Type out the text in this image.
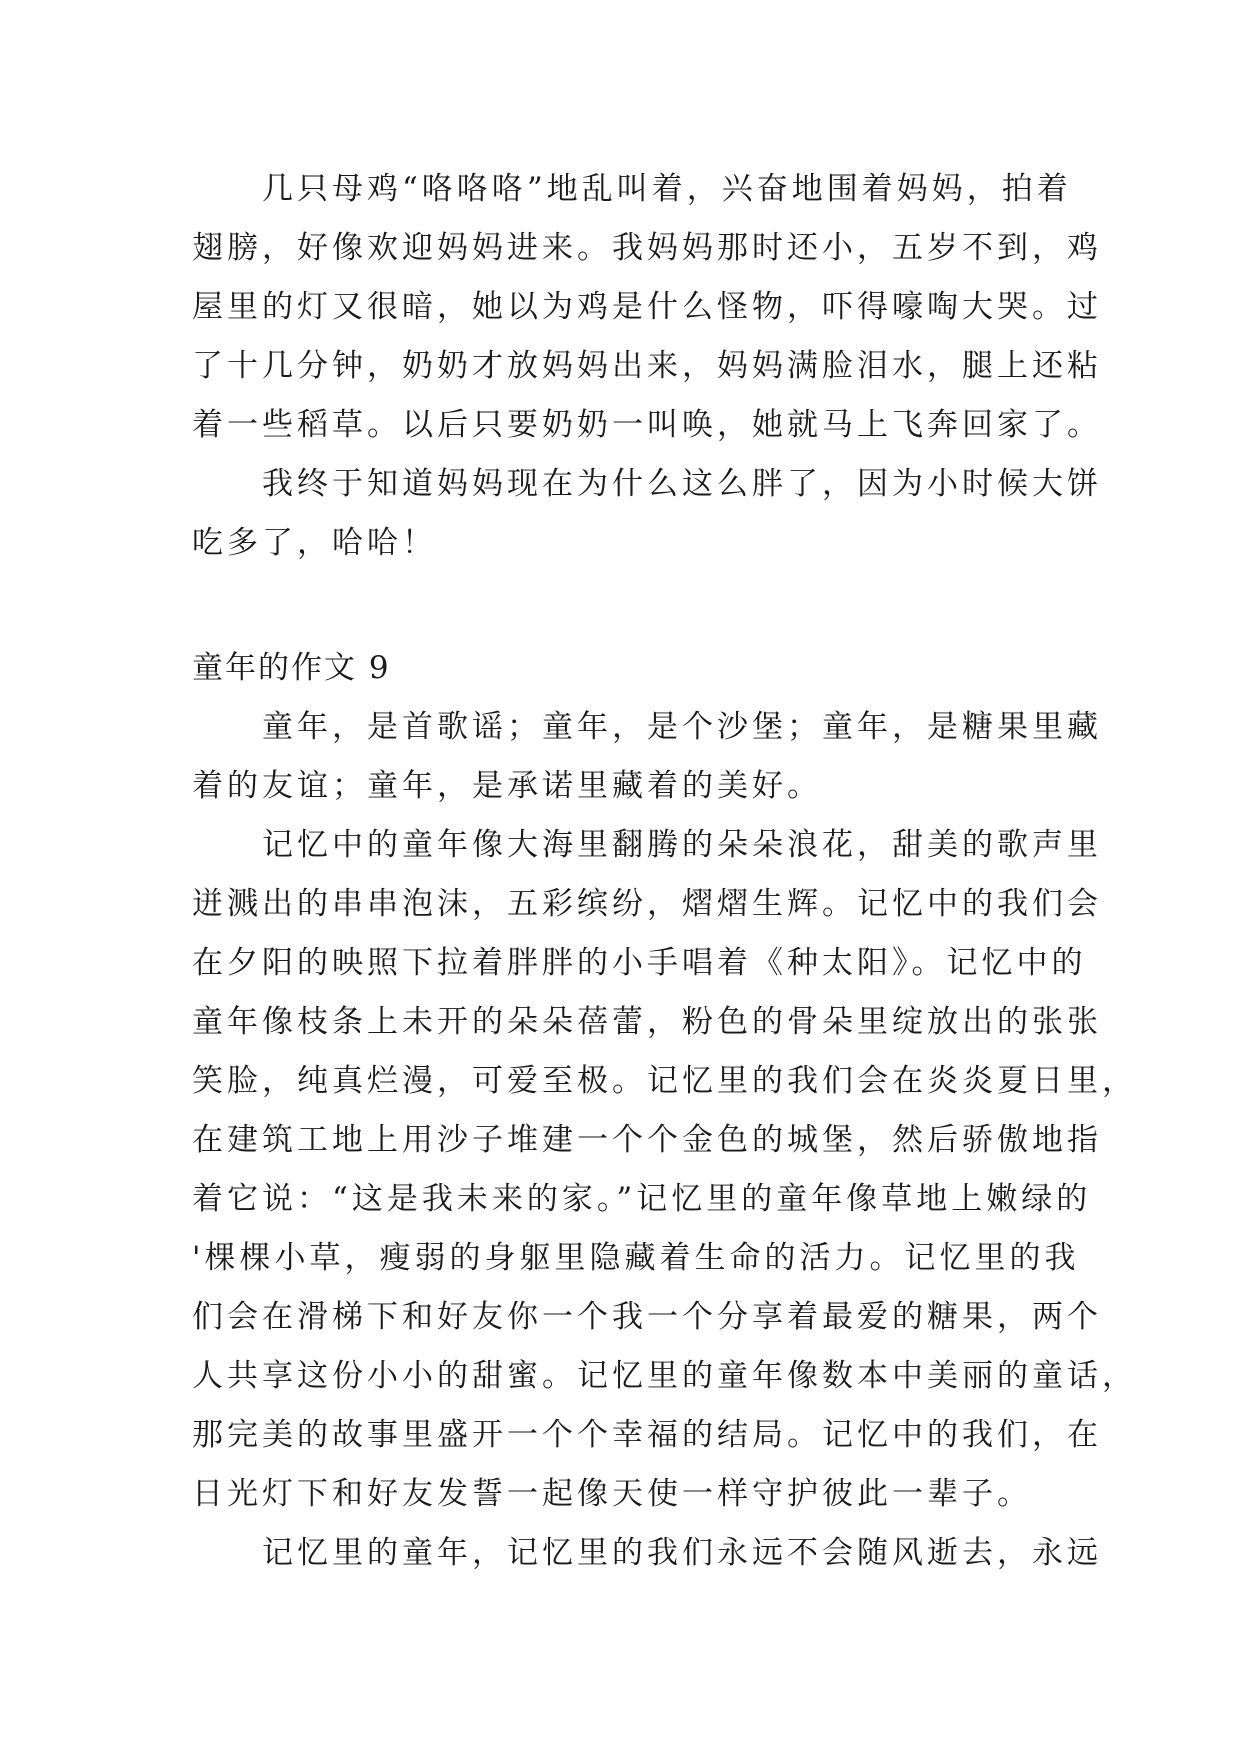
　　几只母鸡“咯咯咯”地乱叫着，兴奋地围着妈妈，拍着
翅膀，好像欢迎妈妈进来。我妈妈那时还小，五岁不到，鸡
屋里的灯又很暗，她以为鸡是什么怪物，吓得嚎啕大哭。过
了十几分钟，奶奶才放妈妈出来，妈妈满脸泪水，腿上还粘
着一些稻草。以后只要奶奶一叫唤，她就马上飞奔回家了。
　　我终于知道妈妈现在为什么这么胖了，因为小时候大饼
吃多了，哈哈！
童年的作文 9
　　童年，是首歌谣；童年，是个沙堡；童年，是糖果里藏
着的友谊；童年，是承诺里藏着的美好。
　　记忆中的童年像大海里翻腾的朵朵浪花，甜美的歌声里
迸溅出的串串泡沫，五彩缤纷，熠熠生辉。记忆中的我们会
在夕阳的映照下拉着胖胖的小手唱着《种太阳》。记忆中的
童年像枝条上未开的朵朵蓓蕾，粉色的骨朵里绽放出的张张
笑脸，纯真烂漫，可爱至极。记忆里的我们会在炎炎夏日里，
在建筑工地上用沙子堆建一个个金色的城堡，然后骄傲地指
着它说：“这是我未来的家。”记忆里的童年像草地上嫩绿的
'棵棵小草，瘦弱的身躯里隐藏着生命的活力。记忆里的我
们会在滑梯下和好友你一个我一个分享着最爱的糖果，两个
人共享这份小小的甜蜜。记忆里的童年像数本中美丽的童话，
那完美的故事里盛开一个个幸福的结局。记忆中的我们，在
日光灯下和好友发誓一起像天使一样守护彼此一辈子。
　　记忆里的童年，记忆里的我们永远不会随风逝去，永远
